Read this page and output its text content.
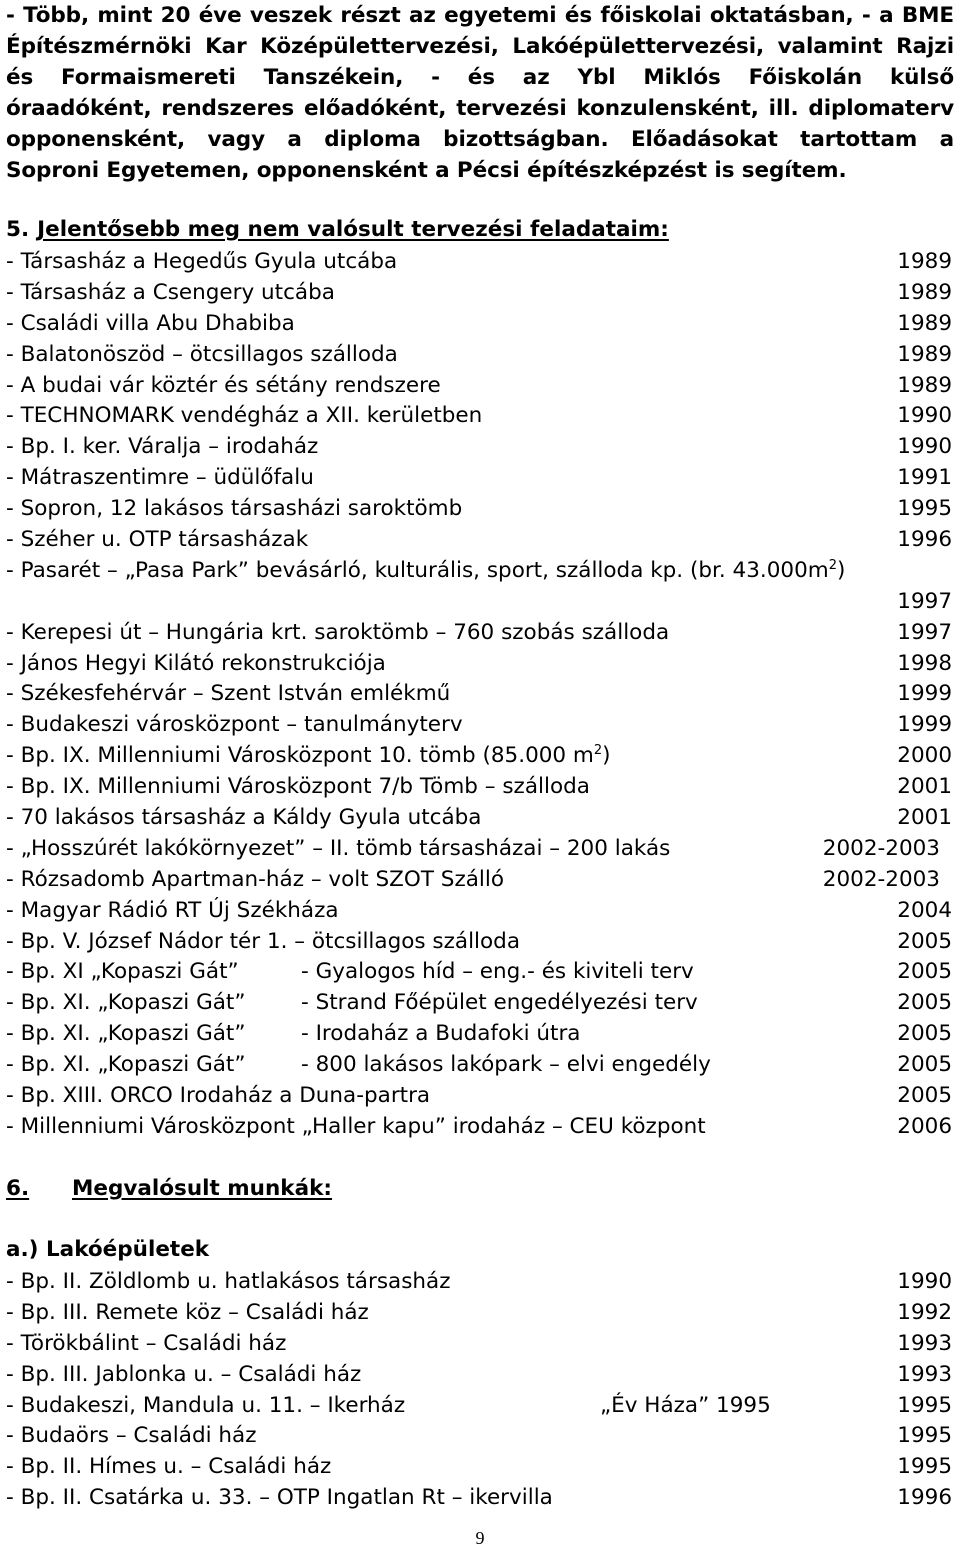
- Több, mint 20 éve veszek részt az egyetemi és főiskolai oktatásban, - a BME
Építészmérnöki Kar Középülettervezési, Lakóépülettervezési, valamint Rajzi
és Formaismereti Tanszékein, - és az Ybl Miklós Főiskolán külső
óraadóként, rendszeres előadóként, tervezési konzulensként, ill. diplomaterv
opponensként, vagy a diploma bizottságban. Előadásokat tartottam a
Soproni Egyetemen, opponensként a Pécsi építészképzést is segítem.
5. Jelentősebb meg nem valósult tervezési feladataim:
- Társasház a Hegedűs Gyula utcába	1989
- Társasház a Csengery utcába	1989
- Családi villa Abu Dhabiba	1989
- Balatonöszöd – ötcsillagos szálloda	1989
- A budai vár köztér és sétány rendszere	1989
- TECHNOMARK vendégház a XII. kerületben	1990
- Bp. I. ker. Váralja – irodaház	1990
- Mátraszentimre – üdülőfalu	1991
- Sopron, 12 lakásos társasházi saroktömb	1995
- Széher u. OTP társasházak	1996
- Pasarét – „Pasa Park” bevásárló, kulturális, sport, szálloda kp. (br. $43.000m^2$)
1997
- Kerepesi út – Hungária krt. saroktömb – 760 szobás szálloda	1997
- János Hegyi Kilátó rekonstrukciója	1998
- Székesfehérvár – Szent István emlékmű	1999
- Budakeszi városközpont – tanulmányterv	1999
- Bp. IX. Millenniumi Városközpont 10. tömb (85.000 $m^2$)	2000
- Bp. IX. Millenniumi Városközpont 7/b Tömb – szálloda	2001
- 70 lakásos társasház a Káldy Gyula utcába	2001
- „Hosszúrét lakókörnyezet” – II. tömb társasházai – 200 lakás	2002-2003
- Rózsadomb Apartman-ház – volt SZOT Szálló	2002-2003
- Magyar Rádió RT Új Székháza	2004
- Bp. V. József Nádor tér 1. – ötcsillagos szálloda	2005
- Bp. XI „Kopaszi Gát”	- Gyalogos híd – eng.- és kiviteli terv	2005
- Bp. XI. „Kopaszi Gát”	- Strand Főépület engedélyezési terv	2005
- Bp. XI. „Kopaszi Gát”	- Irodaház a Budafoki útra	2005
- Bp. XI. „Kopaszi Gát”	- 800 lakásos lakópark – elvi engedély	2005
- Bp. XIII. ORCO Irodaház a Duna-partra	2005
- Millenniumi Városközpont „Haller kapu” irodaház – CEU központ	2006
6. Megvalósult munkák:
a.) Lakóépületek
- Bp. II. Zöldlomb u. hatlakásos társasház	1990
- Bp. III. Remete köz – Családi ház	1992
- Törökbálint – Családi ház	1993
- Bp. III. Jablonka u. – Családi ház	1993
- Budakeszi, Mandula u. 11. – Ikerház	„Év Háza” 1995	1995
- Budaörs – Családi ház	1995
- Bp. II. Hímes u. – Családi ház	1995
- Bp. II. Csatárka u. 33. – OTP Ingatlan Rt – ikervilla	1996
9
